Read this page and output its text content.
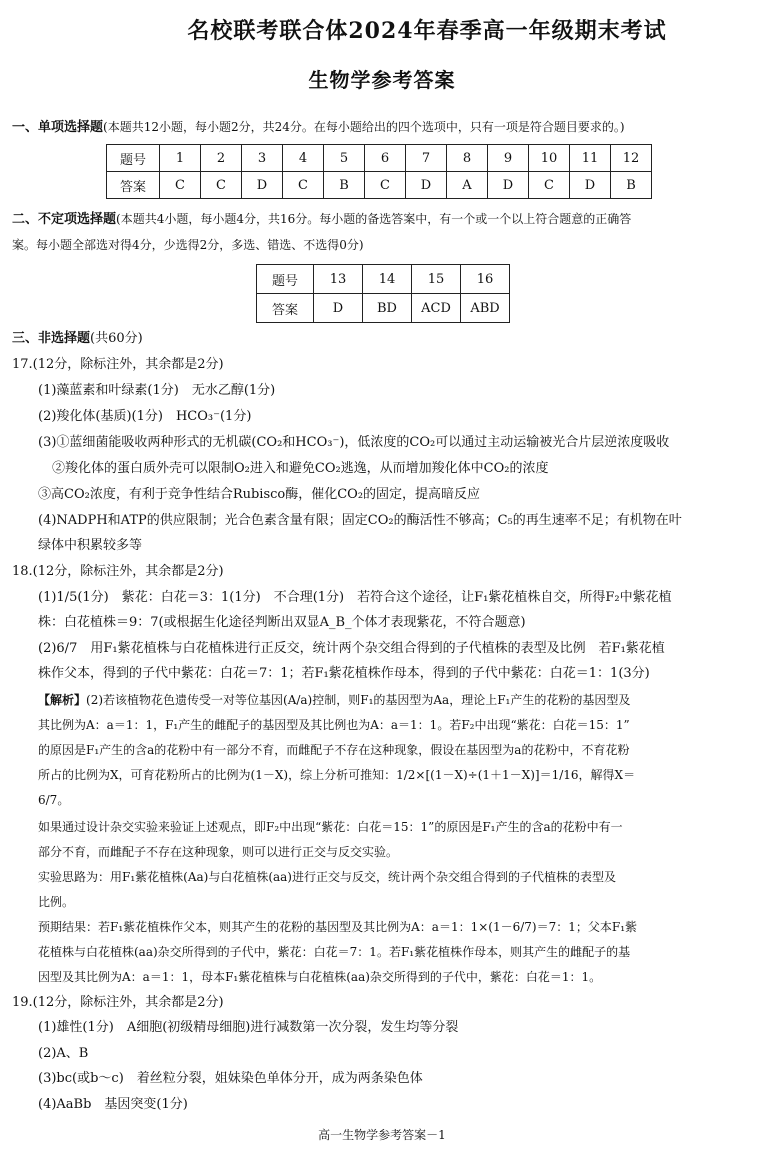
名校联考联合体2024年春季高一年级期末考试
生物学参考答案
一、单项选择题(本题共12小题，每小题2分，共24分。在每小题给出的四个选项中，只有一项是符合题目要求的。)
题号	1	2	3	4	5	6	7	8	9	10	11	12
答案	C	C	D	C	B	C	D	A	D	C	D	B
二、不定项选择题(本题共4小题，每小题4分，共16分。每小题的备选答案中，有一个或一个以上符合题意的正确答
案。每小题全部选对得4分，少选得2分，多选、错选、不选得0分)
题号	13	14	15	16
答案	D	BD	ACD	ABD
三、非选择题(共60分)
17.(12分，除标注外，其余都是2分)
(1)藻蓝素和叶绿素(1分)　无水乙醇(1分)
(2)羧化体(基质)(1分)　HCO₃⁻(1分)
(3)①蓝细菌能吸收两种形式的无机碳(CO₂和HCO₃⁻)，低浓度的CO₂可以通过主动运输被光合片层逆浓度吸收
②羧化体的蛋白质外壳可以限制O₂进入和避免CO₂逃逸，从而增加羧化体中CO₂的浓度
③高CO₂浓度，有利于竞争性结合Rubisco酶，催化CO₂的固定，提高暗反应
(4)NADPH和ATP的供应限制；光合色素含量有限；固定CO₂的酶活性不够高；C₅的再生速率不足；有机物在叶
绿体中积累较多等
18.(12分，除标注外，其余都是2分)
(1)1/5(1分)　紫花：白花＝3：1(1分)　不合理(1分)　若符合这个途径，让F₁紫花植株自交，所得F₂中紫花植
株：白花植株＝9：7(或根据生化途径判断出双显A_B_个体才表现紫花，不符合题意)
(2)6/7　用F₁紫花植株与白花植株进行正反交，统计两个杂交组合得到的子代植株的表型及比例　若F₁紫花植
株作父本，得到的子代中紫花：白花＝7：1；若F₁紫花植株作母本，得到的子代中紫花：白花＝1：1(3分)
【解析】(2)若该植物花色遗传受一对等位基因(A/a)控制，则F₁的基因型为Aa，理论上F₁产生的花粉的基因型及
其比例为A：a＝1：1，F₁产生的雌配子的基因型及其比例也为A：a＝1：1。若F₂中出现“紫花：白花＝15：1”
的原因是F₁产生的含a的花粉中有一部分不育，而雌配子不存在这种现象，假设在基因型为a的花粉中，不育花粉
所占的比例为X，可育花粉所占的比例为(1－X)，综上分析可推知：1/2×[(1－X)÷(1＋1－X)]＝1/16，解得X＝
6/7。
如果通过设计杂交实验来验证上述观点，即F₂中出现“紫花：白花＝15：1”的原因是F₁产生的含a的花粉中有一
部分不育，而雌配子不存在这种现象，则可以进行正交与反交实验。
实验思路为：用F₁紫花植株(Aa)与白花植株(aa)进行正交与反交，统计两个杂交组合得到的子代植株的表型及
比例。
预期结果：若F₁紫花植株作父本，则其产生的花粉的基因型及其比例为A：a＝1：1×(1－6/7)＝7：1；父本F₁紫
花植株与白花植株(aa)杂交所得到的子代中，紫花：白花＝7：1。若F₁紫花植株作母本，则其产生的雌配子的基
因型及其比例为A：a＝1：1，母本F₁紫花植株与白花植株(aa)杂交所得到的子代中，紫花：白花＝1：1。
19.(12分，除标注外，其余都是2分)
(1)雄性(1分)　A细胞(初级精母细胞)进行减数第一次分裂，发生均等分裂
(2)A、B
(3)bc(或b～c)　着丝粒分裂，姐妹染色单体分开，成为两条染色体
(4)AaBb　基因突变(1分)
高一生物学参考答案－1
